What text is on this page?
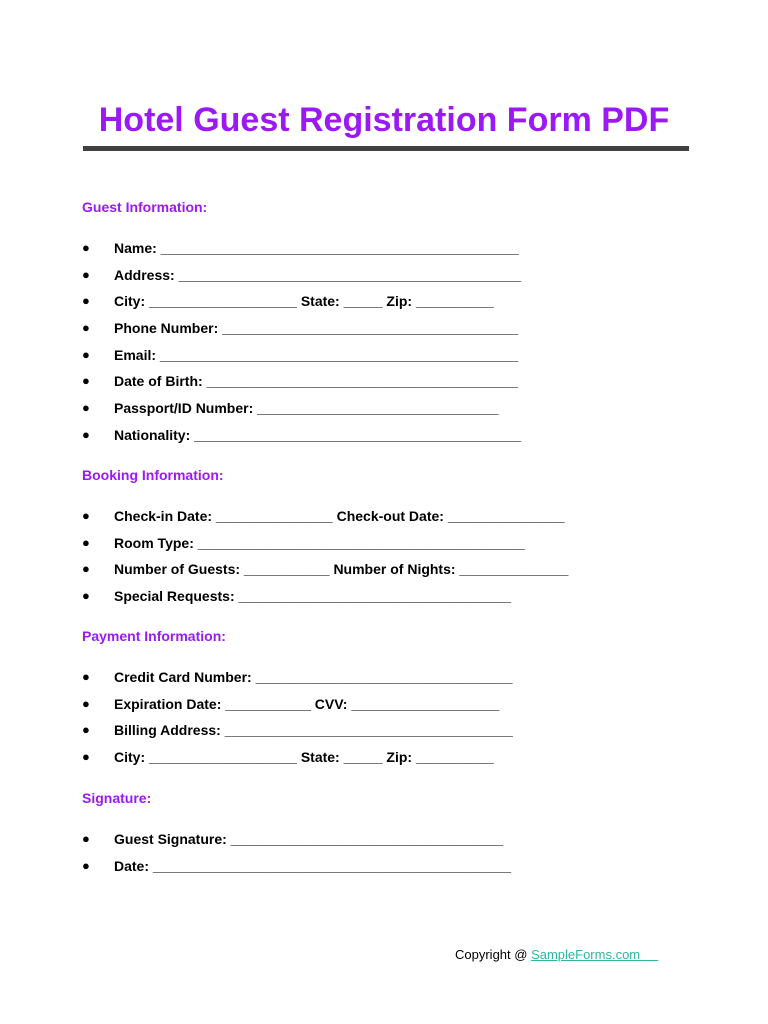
Hotel Guest Registration Form PDF
Guest Information:
●	Name: ______________________________________________
●	Address: ____________________________________________
●	City: ___________________ State: _____ Zip: __________
●	Phone Number: ______________________________________
●	Email: ______________________________________________
●	Date of Birth: ________________________________________
●	Passport/ID Number: _______________________________
●	Nationality: __________________________________________
Booking Information:
●	Check-in Date: _______________ Check-out Date: _______________
●	Room Type: __________________________________________
●	Number of Guests: ___________ Number of Nights: ______________
●	Special Requests: ___________________________________
Payment Information:
●	Credit Card Number: _________________________________
●	Expiration Date: ___________ CVV: ___________________
●	Billing Address: _____________________________________
●	City: ___________________ State: _____ Zip: __________
Signature:
●	Guest Signature: ___________________________________
●	Date: ______________________________________________
Copyright @ SampleForms.com
